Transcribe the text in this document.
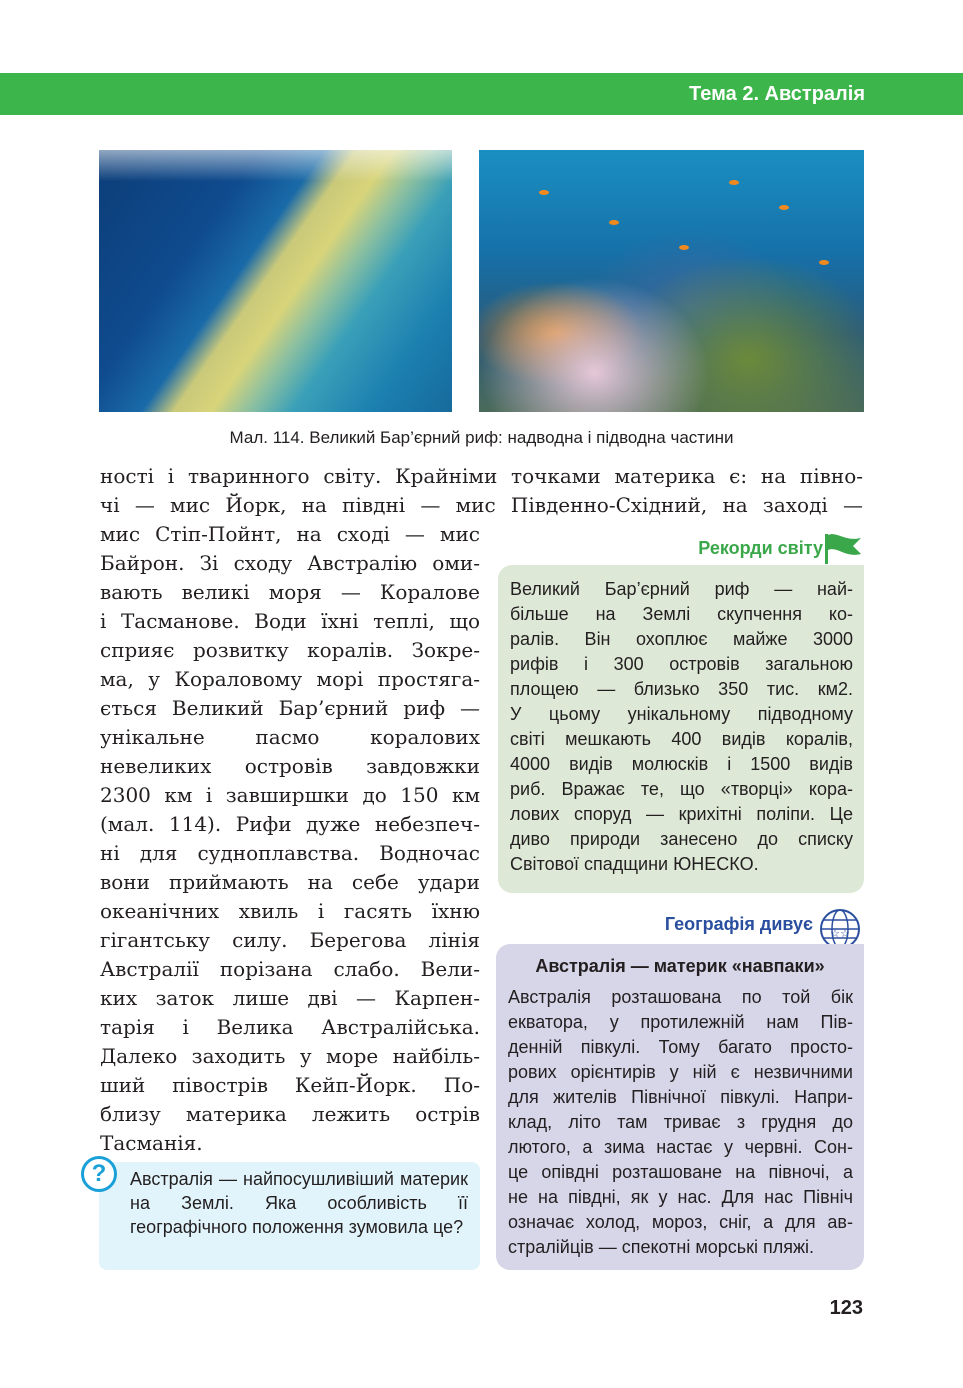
Тема 2. Австралія
Мал. 114. Великий Бар’єрний риф: надводна і підводна частини
ності і тваринного світу. Крайніми точками материка є: на півно-
чі — мис Йорк, на півдні — мис Південно-Східний, на заході —
мис Стіп-Пойнт, на сході — мис
Байрон. Зі сходу Австралію оми-
вають великі моря — Коралове
і Тасманове. Води їхні теплі, що
сприяє розвитку коралів. Зокре-
ма, у Кораловому морі простяга-
ється Великий Бар’єрний риф —
унікальне пасмо коралових
невеликих островів завдовжки
2300 км і завширшки до 150 км
(мал. 114). Рифи дуже небезпеч-
ні для судноплавства. Водночас
вони приймають на себе удари
океанічних хвиль і гасять їхню
гігантську силу. Берегова лінія
Австралії порізана слабо. Вели-
ких заток лише дві — Карпен-
тарія і Велика Австралійська.
Далеко заходить у море найбіль-
ший півострів Кейп-Йорк. По-
близу материка лежить острів
Тасманія.
?	Австралія — найпосушливіший материк на Землі. Яка особливість її географічного положення зумовила це?
Рекорди світу
Великий Бар’єрний риф — най-
більше на Землі скупчення ко-
ралів. Він охоплює майже 3000
рифів і 300 островів загальною
площею — близько 350 тис. км2.
У цьому унікальному підводному
світі мешкають 400 видів коралів,
4000 видів молюсків і 1500 видів
риб. Вражає те, що «творці» кора-
лових споруд — крихітні поліпи. Це
диво природи занесено до списку
Світової спадщини ЮНЕСКО.
Географія дивує ☆☆
Австралія — материк «навпаки»
Австралія розташована по той бік
екватора, у протилежній нам Пів-
денній півкулі. Тому багато просто-
рових орієнтирів у ній є незвичними
для жителів Північної півкулі. Напри-
клад, літо там триває з грудня до
лютого, а зима настає у червні. Сон-
це опівдні розташоване на півночі, а
не на півдні, як у нас. Для нас Північ
означає холод, мороз, сніг, а для ав-
стралійців — спекотні морські пляжі.
123
